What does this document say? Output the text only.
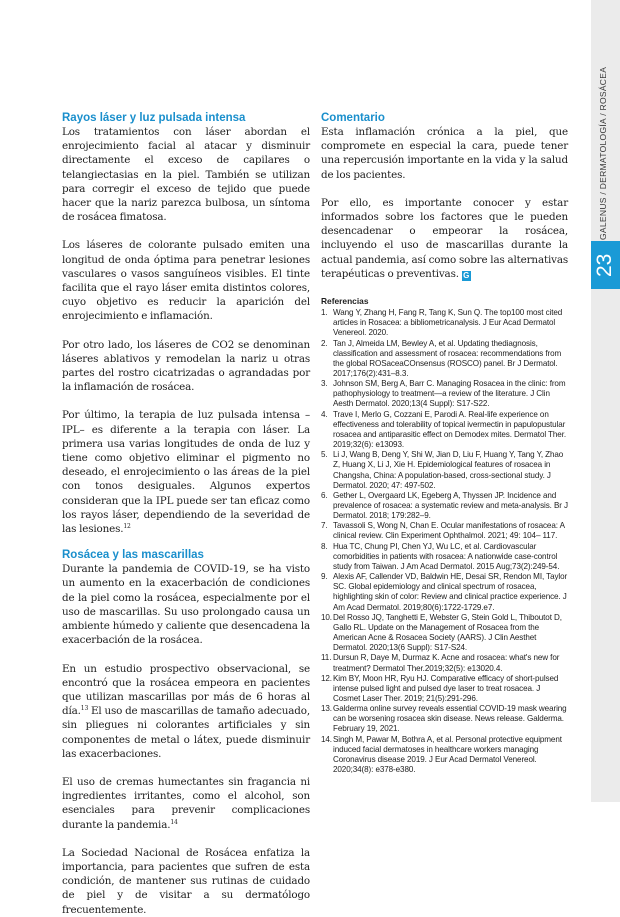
GALENUS / DERMATOLOGÍA / ROSÁCEA
23
Rayos láser y luz pulsada intensa

Los tratamientos con láser abordan el enrojecimiento facial al atacar y disminuir directamente el exceso de capilares o telangiectasias en la piel. También se utilizan para corregir el exceso de tejido que puede hacer que la nariz parezca bulbosa, un síntoma de rosácea fimatosa.

Los láseres de colorante pulsado emiten una longitud de onda óptima para penetrar lesiones vasculares o vasos sanguíneos visibles. El tinte facilita que el rayo láser emita distintos colores, cuyo objetivo es reducir la aparición del enrojecimiento e inflamación.

Por otro lado, los láseres de CO2 se denominan láseres ablativos y remodelan la nariz u otras partes del rostro cicatrizadas o agrandadas por la inflamación de rosácea.

Por último, la terapia de luz pulsada intensa –IPL– es diferente a la terapia con láser. La primera usa varias longitudes de onda de luz y tiene como objetivo eliminar el pigmento no deseado, el enrojecimiento o las áreas de la piel con tonos desiguales. Algunos expertos consideran que la IPL puede ser tan eficaz como los rayos láser, dependiendo de la severidad de las lesiones.$^{12}$

Rosácea y las mascarillas

Durante la pandemia de COVID-19, se ha visto un aumento en la exacerbación de condiciones de la piel como la rosácea, especialmente por el uso de mascarillas. Su uso prolongado causa un ambiente húmedo y caliente que desencadena la exacerbación de la rosácea.

En un estudio prospectivo observacional, se encontró que la rosácea empeora en pacientes que utilizan mascarillas por más de 6 horas al día.$^{13}$ El uso de mascarillas de tamaño adecuado, sin pliegues ni colorantes artificiales y sin componentes de metal o látex, puede disminuir las exacerbaciones.

El uso de cremas humectantes sin fragancia ni ingredientes irritantes, como el alcohol, son esenciales para prevenir complicaciones durante la pandemia.$^{14}$

La Sociedad Nacional de Rosácea enfatiza la importancia, para pacientes que sufren de esta condición, de mantener sus rutinas de cuidado de piel y de visitar a su dermatólogo frecuentemente.

Comentario

Esta inflamación crónica a la piel, que compromete en especial la cara, puede tener una repercusión importante en la vida y la salud de los pacientes.

Por ello, es importante conocer y estar informados sobre los factores que le pueden desencadenar o empeorar la rosácea, incluyendo el uso de mascarillas durante la actual pandemia, así como sobre las alternativas terapéuticas o preventivas. G

Referencias
1. Wang Y, Zhang H, Fang R, Tang K, Sun Q. The top100 most cited articles in Rosacea: a bibliometricanalysis. J Eur Acad Dermatol Venereol. 2020.
2. Tan J, Almeida LM, Bewley A, et al. Updating thediagnosis, classification and assessment of rosacea: recommendations from the global ROSaceaCOnsensus (ROSCO) panel. Br J Dermatol. 2017;176(2):431–8.3.
3. Johnson SM, Berg A, Barr C. Managing Rosacea in the clinic: from pathophysiology to treatment—a review of the literature. J Clin Aesth Dermatol. 2020;13(4 Suppl): S17-S22.
4. Trave I, Merlo G, Cozzani E, Parodi A. Real-life experience on effectiveness and tolerability of topical ivermectin in papulopustular rosacea and antiparasitic effect on Demodex mites. Dermatol Ther. 2019;32(6): e13093.
5. Li J, Wang B, Deng Y, Shi W, Jian D, Liu F, Huang Y, Tang Y, Zhao Z, Huang X, Li J, Xie H. Epidemiological features of rosacea in Changsha, China: A population-based, cross-sectional study. J Dermatol. 2020; 47: 497-502.
6. Gether L, Overgaard LK, Egeberg A, Thyssen JP. Incidence and prevalence of rosacea: a systematic review and meta-analysis. Br J Dermatol. 2018; 179:282–9.
7. Tavassoli S, Wong N, Chan E. Ocular manifestations of rosacea: A clinical review. Clin Experiment Ophthalmol. 2021; 49: 104– 117.
8. Hua TC, Chung PI, Chen YJ, Wu LC, et al. Cardiovascular comorbidities in patients with rosacea: A nationwide case-control study from Taiwan. J Am Acad Dermatol. 2015 Aug;73(2):249-54.
9. Alexis AF, Callender VD, Baldwin HE, Desai SR, Rendon MI, Taylor SC. Global epidemiology and clinical spectrum of rosacea, highlighting skin of color: Review and clinical practice experience. J Am Acad Dermatol. 2019;80(6):1722-1729.e7.
10. Del Rosso JQ, Tanghetti E, Webster G, Stein Gold L, Thiboutot D, Gallo RL. Update on the Management of Rosacea from the American Acne & Rosacea Society (AARS). J Clin Aesthet Dermatol. 2020;13(6 Suppl): S17-S24.
11. Dursun R, Daye M, Durmaz K. Acne and rosacea: what's new for treatment? Dermatol Ther.2019;32(5): e13020.4.
12. Kim BY, Moon HR, Ryu HJ. Comparative efficacy of short-pulsed intense pulsed light and pulsed dye laser to treat rosacea. J Cosmet Laser Ther. 2019; 21(5):291-296.
13. Galderma online survey reveals essential COVID-19 mask wearing can be worsening rosacea skin disease. News release. Galderma. February 19, 2021.
14. Singh M, Pawar M, Bothra A, et al. Personal protective equipment induced facial dermatoses in healthcare workers managing Coronavirus disease 2019. J Eur Acad Dermatol Venereol. 2020;34(8): e378-e380.
